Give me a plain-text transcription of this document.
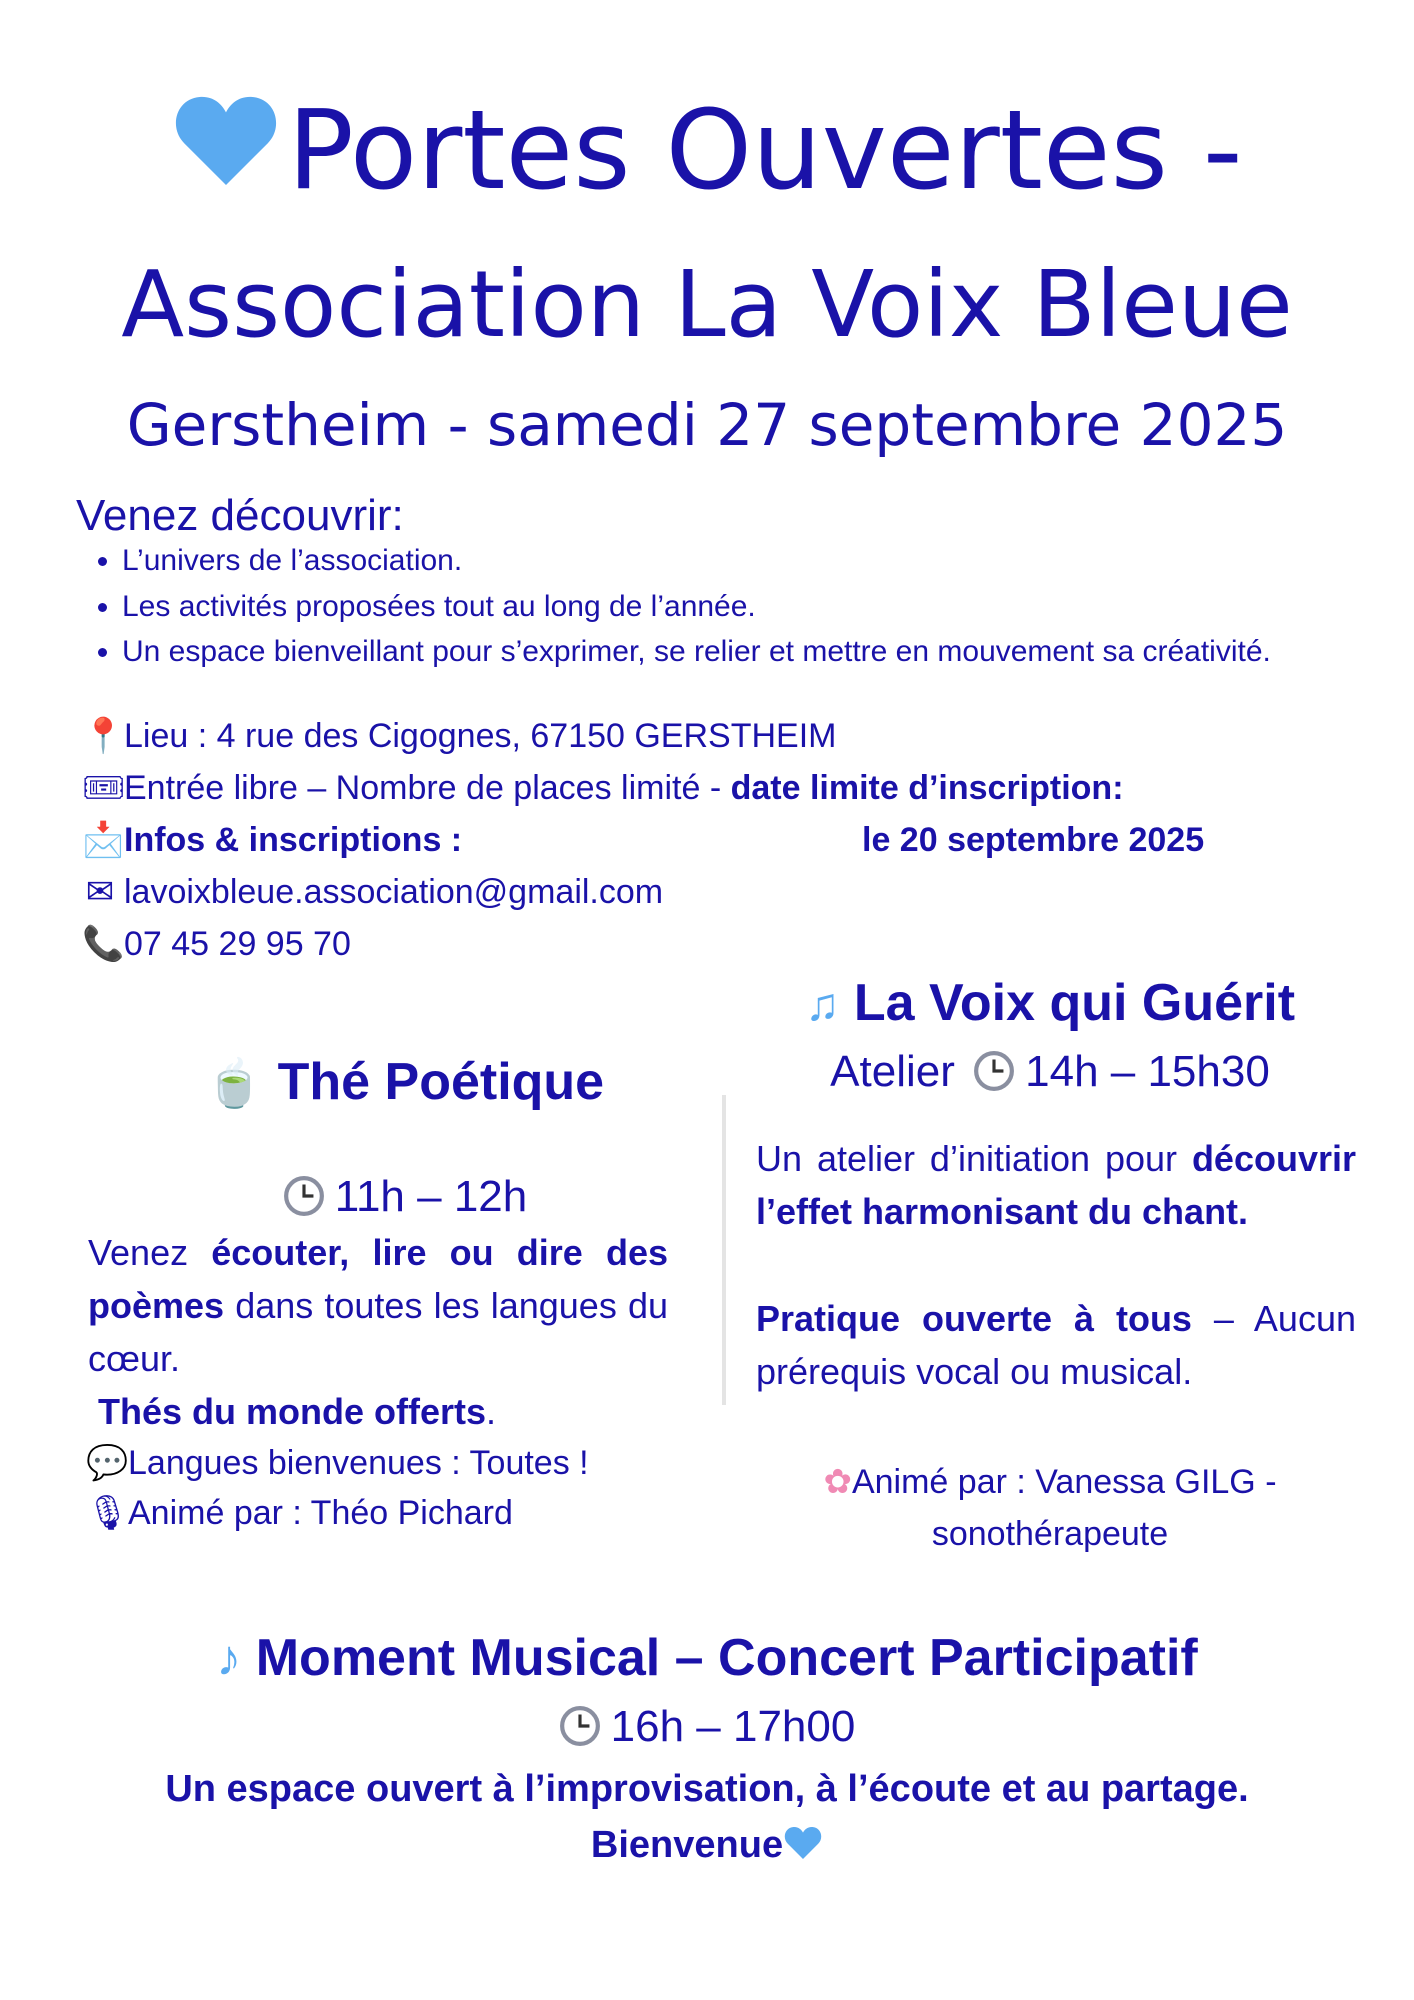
Portes Ouvertes -
Association La Voix Bleue
Gerstheim - samedi 27 septembre 2025
Venez découvrir:
• L’univers de l’association.
• Les activités proposées tout au long de l’année.
• Un espace bienveillant pour s’exprimer, se relier et mettre en mouvement sa créativité.
📍Lieu : 4 rue des Cigognes, 67150 GERSTHEIM
🎟Entrée libre – Nombre de places limité - date limite d’inscription:
📩Infos & inscriptions :	le 20 septembre 2025
✉ lavoixbleue.association@gmail.com
📞07 45 29 95 70
🍵 Thé Poétique
11h – 12h
Venez écouter, lire ou dire des poèmes dans toutes les langues du cœur.
Thés du monde offerts.
💬Langues bienvenues : Toutes !
🎙Animé par : Théo Pichard
♫ La Voix qui Guérit
Atelier 14h – 15h30
Un atelier d’initiation pour découvrir l’effet harmonisant du chant.
Pratique ouverte à tous – Aucun prérequis vocal ou musical.
✿Animé par : Vanessa GILG -
sonothérapeute
♪ Moment Musical – Concert Participatif
16h – 17h00
Un espace ouvert à l’improvisation, à l’écoute et au partage.
Bienvenue
